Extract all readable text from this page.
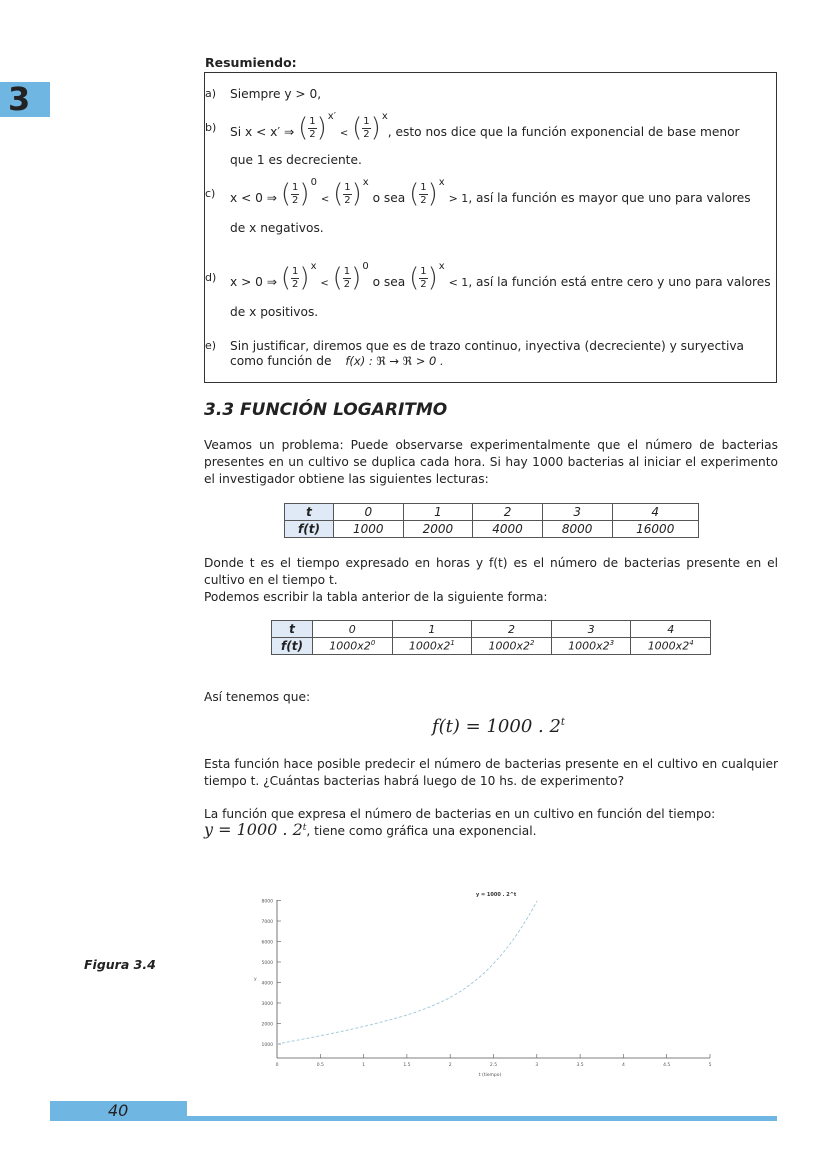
3
Resumiendo:
a) Siempre y > 0,
b) Si x < x′ ⇒ ( 1
2 ) x′
< ( 1
2 ) x
, esto nos dice que la función exponencial de base menor
que 1 es decreciente.
c) x < 0 ⇒ ( 1
2 ) 0
< ( 1
2 ) x
o sea ( 1
2 ) x
> 1, así la función es mayor que uno para valores
de x negativos.
d) x > 0 ⇒ ( 1
2 ) x
< ( 1
2 ) 0
o sea ( 1
2 ) x
< 1, así la función está entre cero y uno para valores
de x positivos.
e) Sin justificar, diremos que es de trazo continuo, inyectiva (decreciente) y suryectiva
como función de f(x) : ℜ → ℜ > 0 .
3.3 FUNCIÓN LOGARITMO
Veamos un problema: Puede observarse experimentalmente que el número de bacterias presentes en un cultivo se duplica cada hora. Si hay 1000 bacterias al iniciar el experimento el investigador obtiene las siguientes lecturas:
t	0	1	2	3	4
f(t)	1000	2000	4000	8000	16000
Donde t es el tiempo expresado en horas y f(t) es el número de bacterias presente en el cultivo en el tiempo t.
Podemos escribir la tabla anterior de la siguiente forma:
t	0	1	2	3	4
f(t)	$1000x2^0$	$1000x2^1$	$1000x2^2$	$1000x2^3$	$1000x2^4$
Así tenemos que:
f(t) = 1000 . 2$^t$
Esta función hace posible predecir el número de bacterias presente en el cultivo en cualquier tiempo t. ¿Cuántas bacterias habrá luego de 10 hs. de experimento?
La función que expresa el número de bacterias en un cultivo en función del tiempo:
y = 1000 . 2$^t$, tiene como gráfica una exponencial.
Figura 3.4
1000
2000
3000
4000
5000
6000
7000
8000
y
0	0.5	1	1.5	2	2.5	3	3.5	4	4.5	5
t (tiempo)
y = 1000 . 2^t
40
